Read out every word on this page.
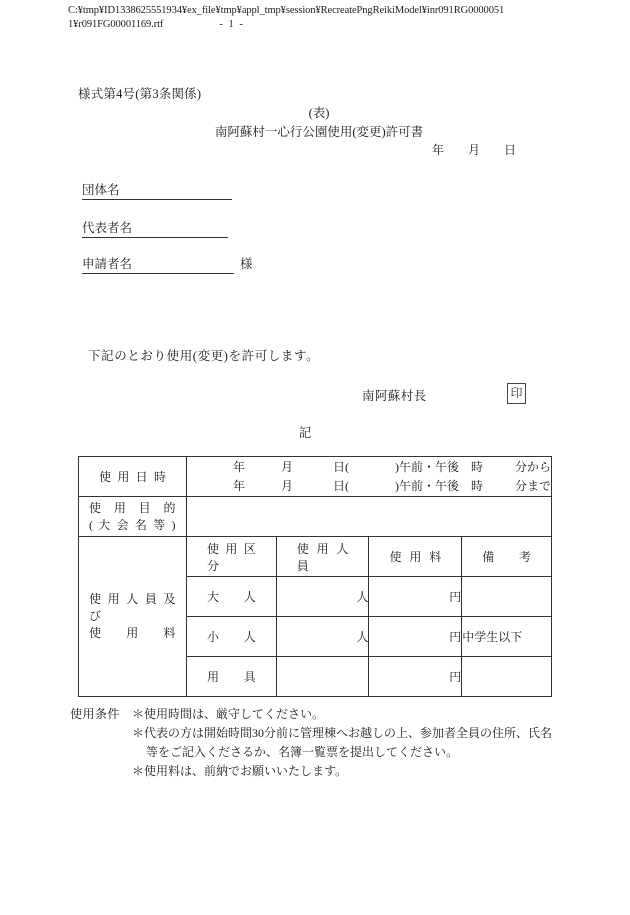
C:¥tmp¥ID1338625551934¥ex_file¥tmp¥appl_tmp¥session¥RecreatePngReikiModel¥inr091RG0000051
1¥r091FG00001169.rtf	- 1 -
様式第4号(第3条関係)
(表)
南阿蘇村一心行公園使用(変更)許可書
年 月 日
団体名
代表者名
申請者名	様
下記のとおり使用(変更)を許可します。
南阿蘇村長	印
記
使 用 日 時	年 月 日( )午前・午後 時 分から
年 月 日( )午前・午後 時 分まで			

使 用 目 的
( 大 会 名 等 )				

使 用 人 員 及 び
使 用 料	使 用 区 分	使 用 人 員	使 用 料	備 考

	大 人	人	円	

	小 人	人	円	中学生以下

	用 具		円	
使用条件 ＊使用時間は、厳守してください。
＊代表の方は開始時間30分前に管理棟へお越しの上、参加者全員の住所、氏名
等をご記入くださるか、名簿一覧票を提出してください。
＊使用料は、前納でお願いいたします。
